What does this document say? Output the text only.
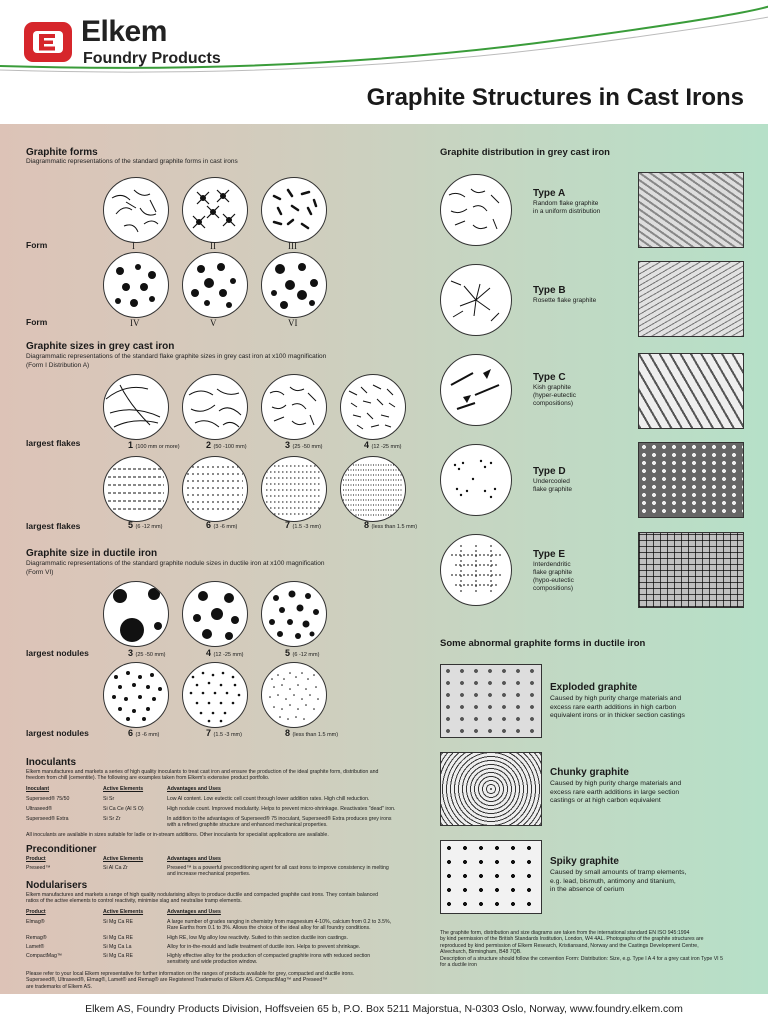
Elkem
Foundry Products
Graphite Structures in Cast Irons
Graphite forms
Diagrammatic representations of the standard graphite forms in cast irons
Form
Form
I	II	III
IV	V	VI
Graphite sizes in grey cast iron
Diagrammatic representations of the standard flake graphite sizes in grey cast iron at x100 magnification
(Form I Distribution A)
largest flakes
largest flakes
1 (100 mm or more)	2 (50 -100 mm)	3 (25 -50 mm)	4 (12 -25 mm)
5 (6 -12 mm)	6 (3 -6 mm)	7 (1.5 -3 mm)	8 (less than 1.5 mm)
Graphite size in ductile iron
Diagrammatic representations of the standard graphite nodule sizes in ductile iron at x100 magnification
(Form VI)
largest nodules
largest nodules
3 (25 -50 mm)	4 (12 -25 mm)	5 (6 -12 mm)
6 (3 -6 mm)	7 (1.5 -3 mm)	8 (less than 1.5 mm)
Inoculants
Elkem manufactures and markets a series of high quality inoculants to treat cast iron and ensure the production of the ideal graphite form, distribution and
freedom from chill (cementite). The following are examples taken from Elkem's extensive product portfolio.
Inoculant	Active Elements	Advantages and Uses
Superseed® 75/50	Si Sr	Low Al content. Low eutectic cell count through lower addition rates. High chill reduction.
Ultraseed®	Si Ca Ce (Al S O)	High nodule count. Improved modularity. Helps to prevent micro-shrinkage. Reactivates "dead" iron.
Superseed® Extra	Si Sr Zr	In addition to the advantages of Superseed® 75 inoculant, Superseed® Extra produces grey irons
with a refined graphite structure and enhanced mechanical properties.
All inoculants are available in sizes suitable for ladle or in-stream additions. Other inoculants for specialist applications are available.
Preconditioner
Product	Active Elements	Advantages and Uses
Preseed™	Si Al Ca Zr	Preseed™ is a powerful preconditioning agent for all cast irons to improve consistency in melting
and increase mechanical properties.
Nodularisers
Elkem manufactures and markets a range of high quality nodularising alloys to produce ductile and compacted graphite cast irons. They contain balanced
ratios of the active elements to control reactivity, minimise slag and neutralise tramp elements.
Product	Active Elements	Advantages and Uses
Elmag®	Si Mg Ca RE	A large number of grades ranging in chemistry from magnesium 4-10%, calcium from 0.2 to 3.5%,
Rare Earths from 0.1 to 3%. Allows the choice of the ideal alloy for all foundry conditions.
Remag®	Si Mg Ca RE	High RE, low Mg alloy low reactivity. Suited to thin section ductile iron castings.
Lamet®	Si Mg Ca La	Alloy for in-the-mould and ladle treatment of ductile iron. Helps to prevent shrinkage.
CompactMag™	Si Mg Ca RE	Highly effective alloy for the production of compacted graphite irons with reduced section
sensitivity and wide production window.
Please refer to your local Elkem representative for further information on the ranges of products available for grey, compacted and ductile irons.
Superseed®, Ultraseed®, Elmag®, Lamet® and Remag® are Registered Trademarks of Elkem AS. CompactMag™ and Preseed™
are trademarks of Elkem AS.
Graphite distribution in grey cast iron
Type A
Random flake graphite
in a uniform distribution
Type B
Rosette flake graphite
Type C
Kish graphite
(hyper-eutectic
compositions)
Type D
Undercooled
flake graphite
Type E
Interdendritic
flake graphite
(hypo-eutectic
compositions)
Some abnormal graphite forms in ductile iron
Exploded graphite
Caused by high purity charge materials and
excess rare earth additions in high carbon
equivalent irons or in thicker section castings
Chunky graphite
Caused by high purity charge materials and
excess rare earth additions in large section
castings or at high carbon equivalent
Spiky graphite
Caused by small amounts of tramp elements,
e.g. lead, bismuth, antimony and titanium,
in the absence of cerium
The graphite form, distribution and size diagrams are taken from the international standard EN ISO 945:1994
by kind permission of the British Standards Institution, London, W4 4AL. Photographs of the graphite structures are
reproduced by kind permission of Elkem Research, Kristiansand, Norway and the Castings Development Centre,
Alvechurch, Birmingham, B48 7QB.
Description of a structure should follow the convention Form: Distribution: Size, e.g. Type I A 4 for a grey cast iron Type VI 5
for a ductile iron
Elkem AS, Foundry Products Division, Hoffsveien 65 b, P.O. Box 5211 Majorstua, N-0303 Oslo, Norway, www.foundry.elkem.com
